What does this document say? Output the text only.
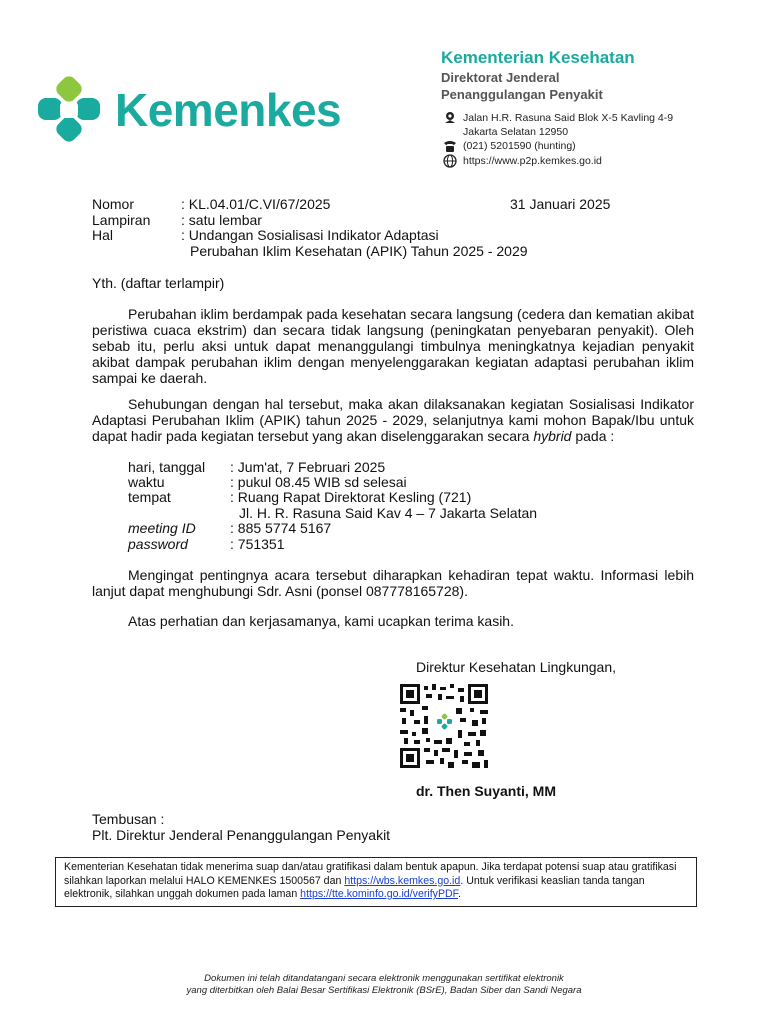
Kemenkes
Kementerian Kesehatan
Direktorat Jenderal
Penanggulangan Penyakit
Jalan H.R. Rasuna Said Blok X-5 Kavling 4-9
Jakarta Selatan 12950
(021) 5201590 (hunting)
https://www.p2p.kemkes.go.id
Nomor	: KL.04.01/C.VI/67/2025	31 Januari 2025
Lampiran : satu lembar
Hal	: Undangan Sosialisasi Indikator Adaptasi
Perubahan Iklim Kesehatan (APIK) Tahun 2025 - 2029
Yth. (daftar terlampir)
Perubahan iklim berdampak pada kesehatan secara langsung (cedera dan kematian akibat peristiwa cuaca ekstrim) dan secara tidak langsung (peningkatan penyebaran penyakit). Oleh sebab itu, perlu aksi untuk dapat menanggulangi timbulnya meningkatnya kejadian penyakit akibat dampak perubahan iklim dengan menyelenggarakan kegiatan adaptasi perubahan iklim sampai ke daerah.
Sehubungan dengan hal tersebut, maka akan dilaksanakan kegiatan Sosialisasi Indikator Adaptasi Perubahan Iklim (APIK) tahun 2025 - 2029, selanjutnya kami mohon Bapak/Ibu untuk dapat hadir pada kegiatan tersebut yang akan diselenggarakan secara hybrid pada :
hari, tanggal : Jum'at, 7 Februari 2025
waktu	: pukul 08.45 WIB sd selesai
tempat	: Ruang Rapat Direktorat Kesling (721)
Jl. H. R. Rasuna Said Kav 4 – 7 Jakarta Selatan
meeting ID : 885 5774 5167
password	: 751351
Mengingat pentingnya acara tersebut diharapkan kehadiran tepat waktu. Informasi lebih lanjut dapat menghubungi Sdr. Asni (ponsel 087778165728).
Atas perhatian dan kerjasamanya, kami ucapkan terima kasih.
Direktur Kesehatan Lingkungan,
dr. Then Suyanti, MM
Tembusan :
Plt. Direktur Jenderal Penanggulangan Penyakit
Kementerian Kesehatan tidak menerima suap dan/atau gratifikasi dalam bentuk apapun. Jika terdapat potensi suap atau gratifikasi silahkan laporkan melalui HALO KEMENKES 1500567 dan https://wbs.kemkes.go.id. Untuk verifikasi keaslian tanda tangan elektronik, silahkan unggah dokumen pada laman https://tte.kominfo.go.id/verifyPDF.
Dokumen ini telah ditandatangani secara elektronik menggunakan sertifikat elektronik
yang diterbitkan oleh Balai Besar Sertifikasi Elektronik (BSrE), Badan Siber dan Sandi Negara
